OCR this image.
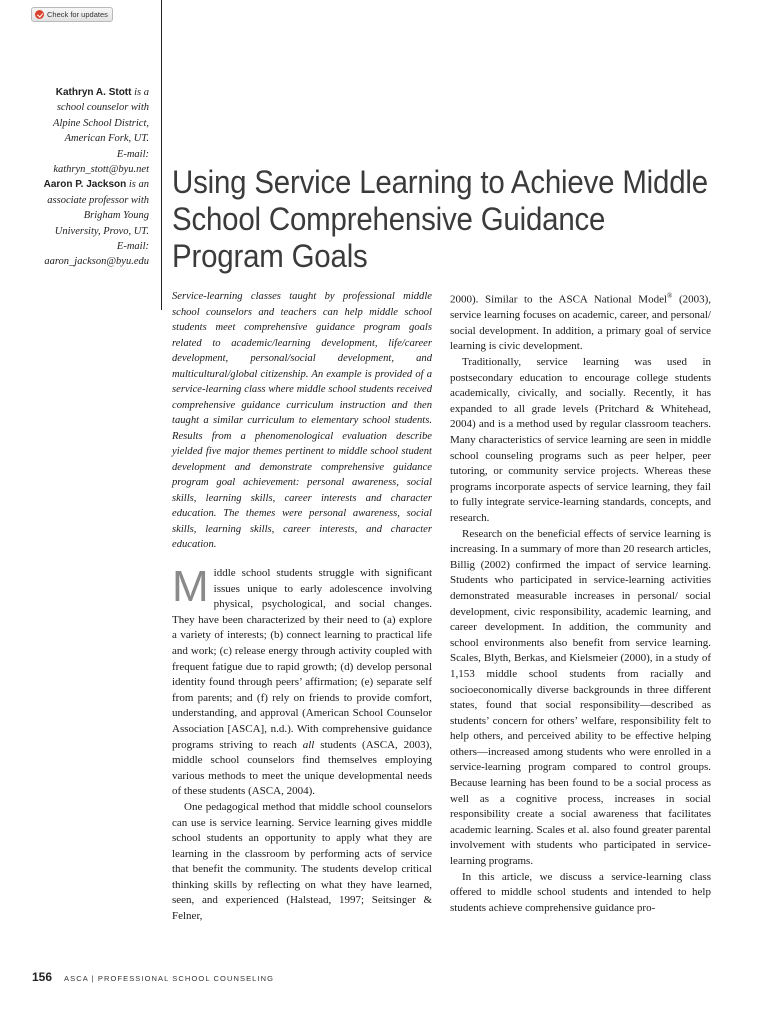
Check for updates
Kathryn A. Stott is a
school counselor with
Alpine School District,
American Fork, UT.
E-mail:
kathryn_stott@byu.net
Aaron P. Jackson is an
associate professor with
Brigham Young
University, Provo, UT.
E-mail:
aaron_jackson@byu.edu
Using Service Learning to Achieve Middle School Comprehensive Guidance Program Goals

Service-learning classes taught by professional middle school counselors and teachers can help middle school students meet comprehensive guidance program goals related to academic/learning development, life/career development, personal/social development, and multicultural/global citizenship. An example is provided of a service-learning class where middle school students received comprehensive guidance curriculum instruction and then taught a similar curriculum to elementary school students. Results from a phenomenological evaluation describe yielded five major themes pertinent to middle school student development and demonstrate comprehensive guidance program goal achievement: personal awareness, social skills, learning skills, career interests and character education. The themes were personal awareness, social skills, learning skills, career interests, and character education.

Middle school students struggle with significant issues unique to early adolescence involving physical, psychological, and social changes. They have been characterized by their need to (a) explore a variety of interests; (b) connect learning to practical life and work; (c) release energy through activity coupled with frequent fatigue due to rapid growth; (d) develop personal identity found through peers’ affirmation; (e) separate self from parents; and (f) rely on friends to provide comfort, understanding, and approval (American School Counselor Association [ASCA], n.d.). With comprehensive guidance programs striving to reach all students (ASCA, 2003), middle school counselors find themselves employing various methods to meet the unique developmental needs of these students (ASCA, 2004).

One pedagogical method that middle school counselors can use is service learning. Service learning gives middle school students an opportunity to apply what they are learning in the classroom by performing acts of service that benefit the community. The students develop critical thinking skills by reflecting on what they have learned, seen, and experienced (Halstead, 1997; Seitsinger & Felner,

2000). Similar to the ASCA National Model® (2003), service learning focuses on academic, career, and personal/ social development. In addition, a primary goal of service learning is civic development.

Traditionally, service learning was used in postsecondary education to encourage college students academically, civically, and socially. Recently, it has expanded to all grade levels (Pritchard & Whitehead, 2004) and is a method used by regular classroom teachers. Many characteristics of service learning are seen in middle school counseling programs such as peer helper, peer tutoring, or community service projects. Whereas these programs incorporate aspects of service learning, they fail to fully integrate service-learning standards, concepts, and research.

Research on the beneficial effects of service learning is increasing. In a summary of more than 20 research articles, Billig (2002) confirmed the impact of service learning. Students who participated in service-learning activities demonstrated measurable increases in personal/ social development, civic responsibility, academic learning, and career development. In addition, the community and school environments also benefit from service learning. Scales, Blyth, Berkas, and Kielsmeier (2000), in a study of 1,153 middle school students from racially and socioeconomically diverse backgrounds in three different states, found that social responsibility—described as students’ concern for others’ welfare, responsibility felt to help others, and perceived ability to be effective helping others—increased among students who were enrolled in a service-learning program compared to control groups. Because learning has been found to be a social process as well as a cognitive process, increases in social responsibility create a social awareness that facilitates academic learning. Scales et al. also found greater parental involvement with students who participated in service-learning programs.

In this article, we discuss a service-learning class offered to middle school students and intended to help students achieve comprehensive guidance pro-

156 ASCA | PROFESSIONAL SCHOOL COUNSELING
